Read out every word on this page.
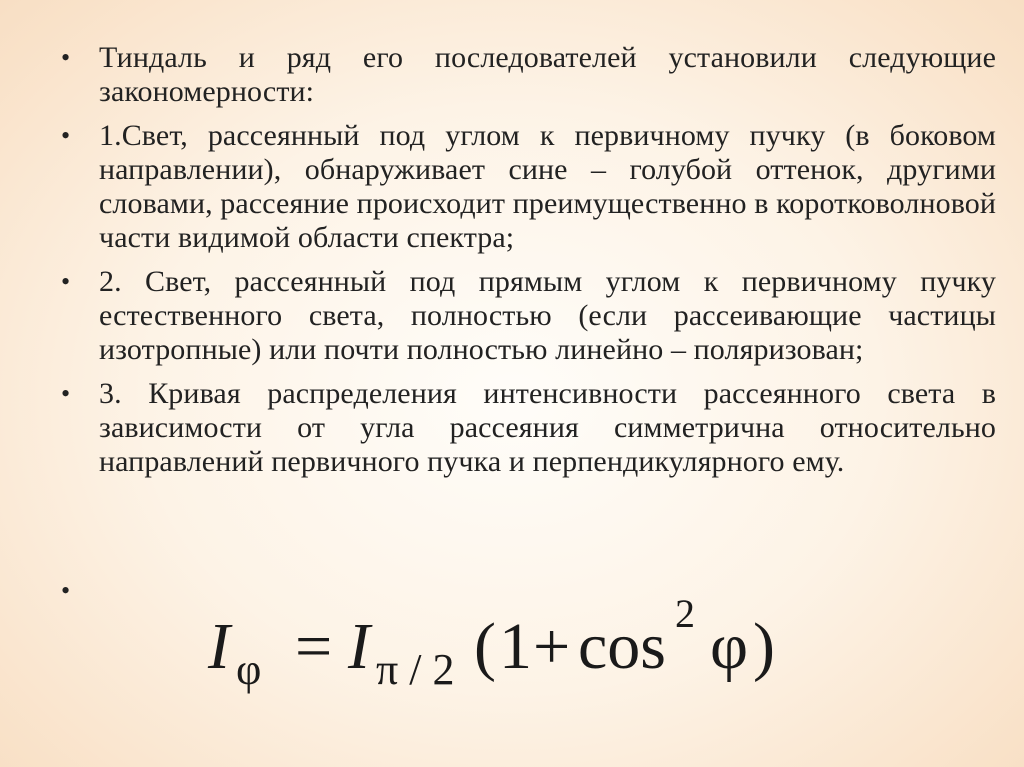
• Тиндаль и ряд его последователей установили следующие закономерности:
• 1.Свет, рассеянный под углом к первичному пучку (в боковом направлении), обнаруживает сине – голубой оттенок, другими словами, рассеяние происходит преимущественно в коротковолновой части видимой области спектра;
• 2. Свет, рассеянный под прямым углом к первичному пучку естественного света, полностью (если рассеивающие частицы изотропные) или почти полностью линейно – поляризован;
• 3. Кривая распределения интенсивности рассеянного света в зависимости от угла рассеяния симметрична относительно направлений первичного пучка и перпендикулярного ему.
•
I φ = I π / 2 ( 1 + cos 2 φ )
